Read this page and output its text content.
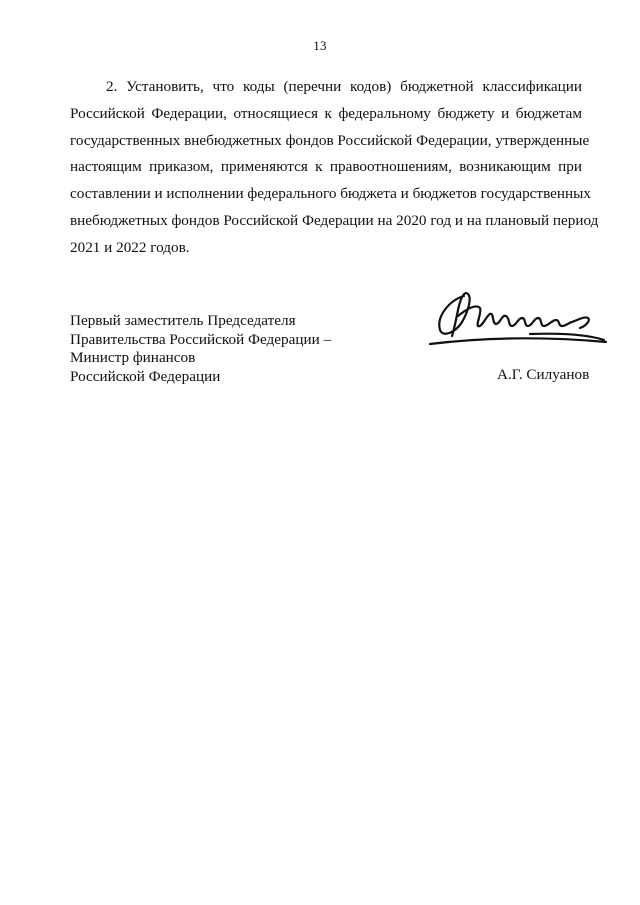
13
2. Установить, что коды (перечни кодов) бюджетной классификации
Российской Федерации, относящиеся к федеральному бюджету и бюджетам
государственных внебюджетных фондов Российской Федерации, утвержденные
настоящим приказом, применяются к правоотношениям, возникающим при
составлении и исполнении федерального бюджета и бюджетов государственных
внебюджетных фондов Российской Федерации на 2020 год и на плановый период
2021 и 2022 годов.
Первый заместитель Председателя
Правительства Российской Федерации –
Министр финансов
Российской Федерации	А.Г. Силуанов
